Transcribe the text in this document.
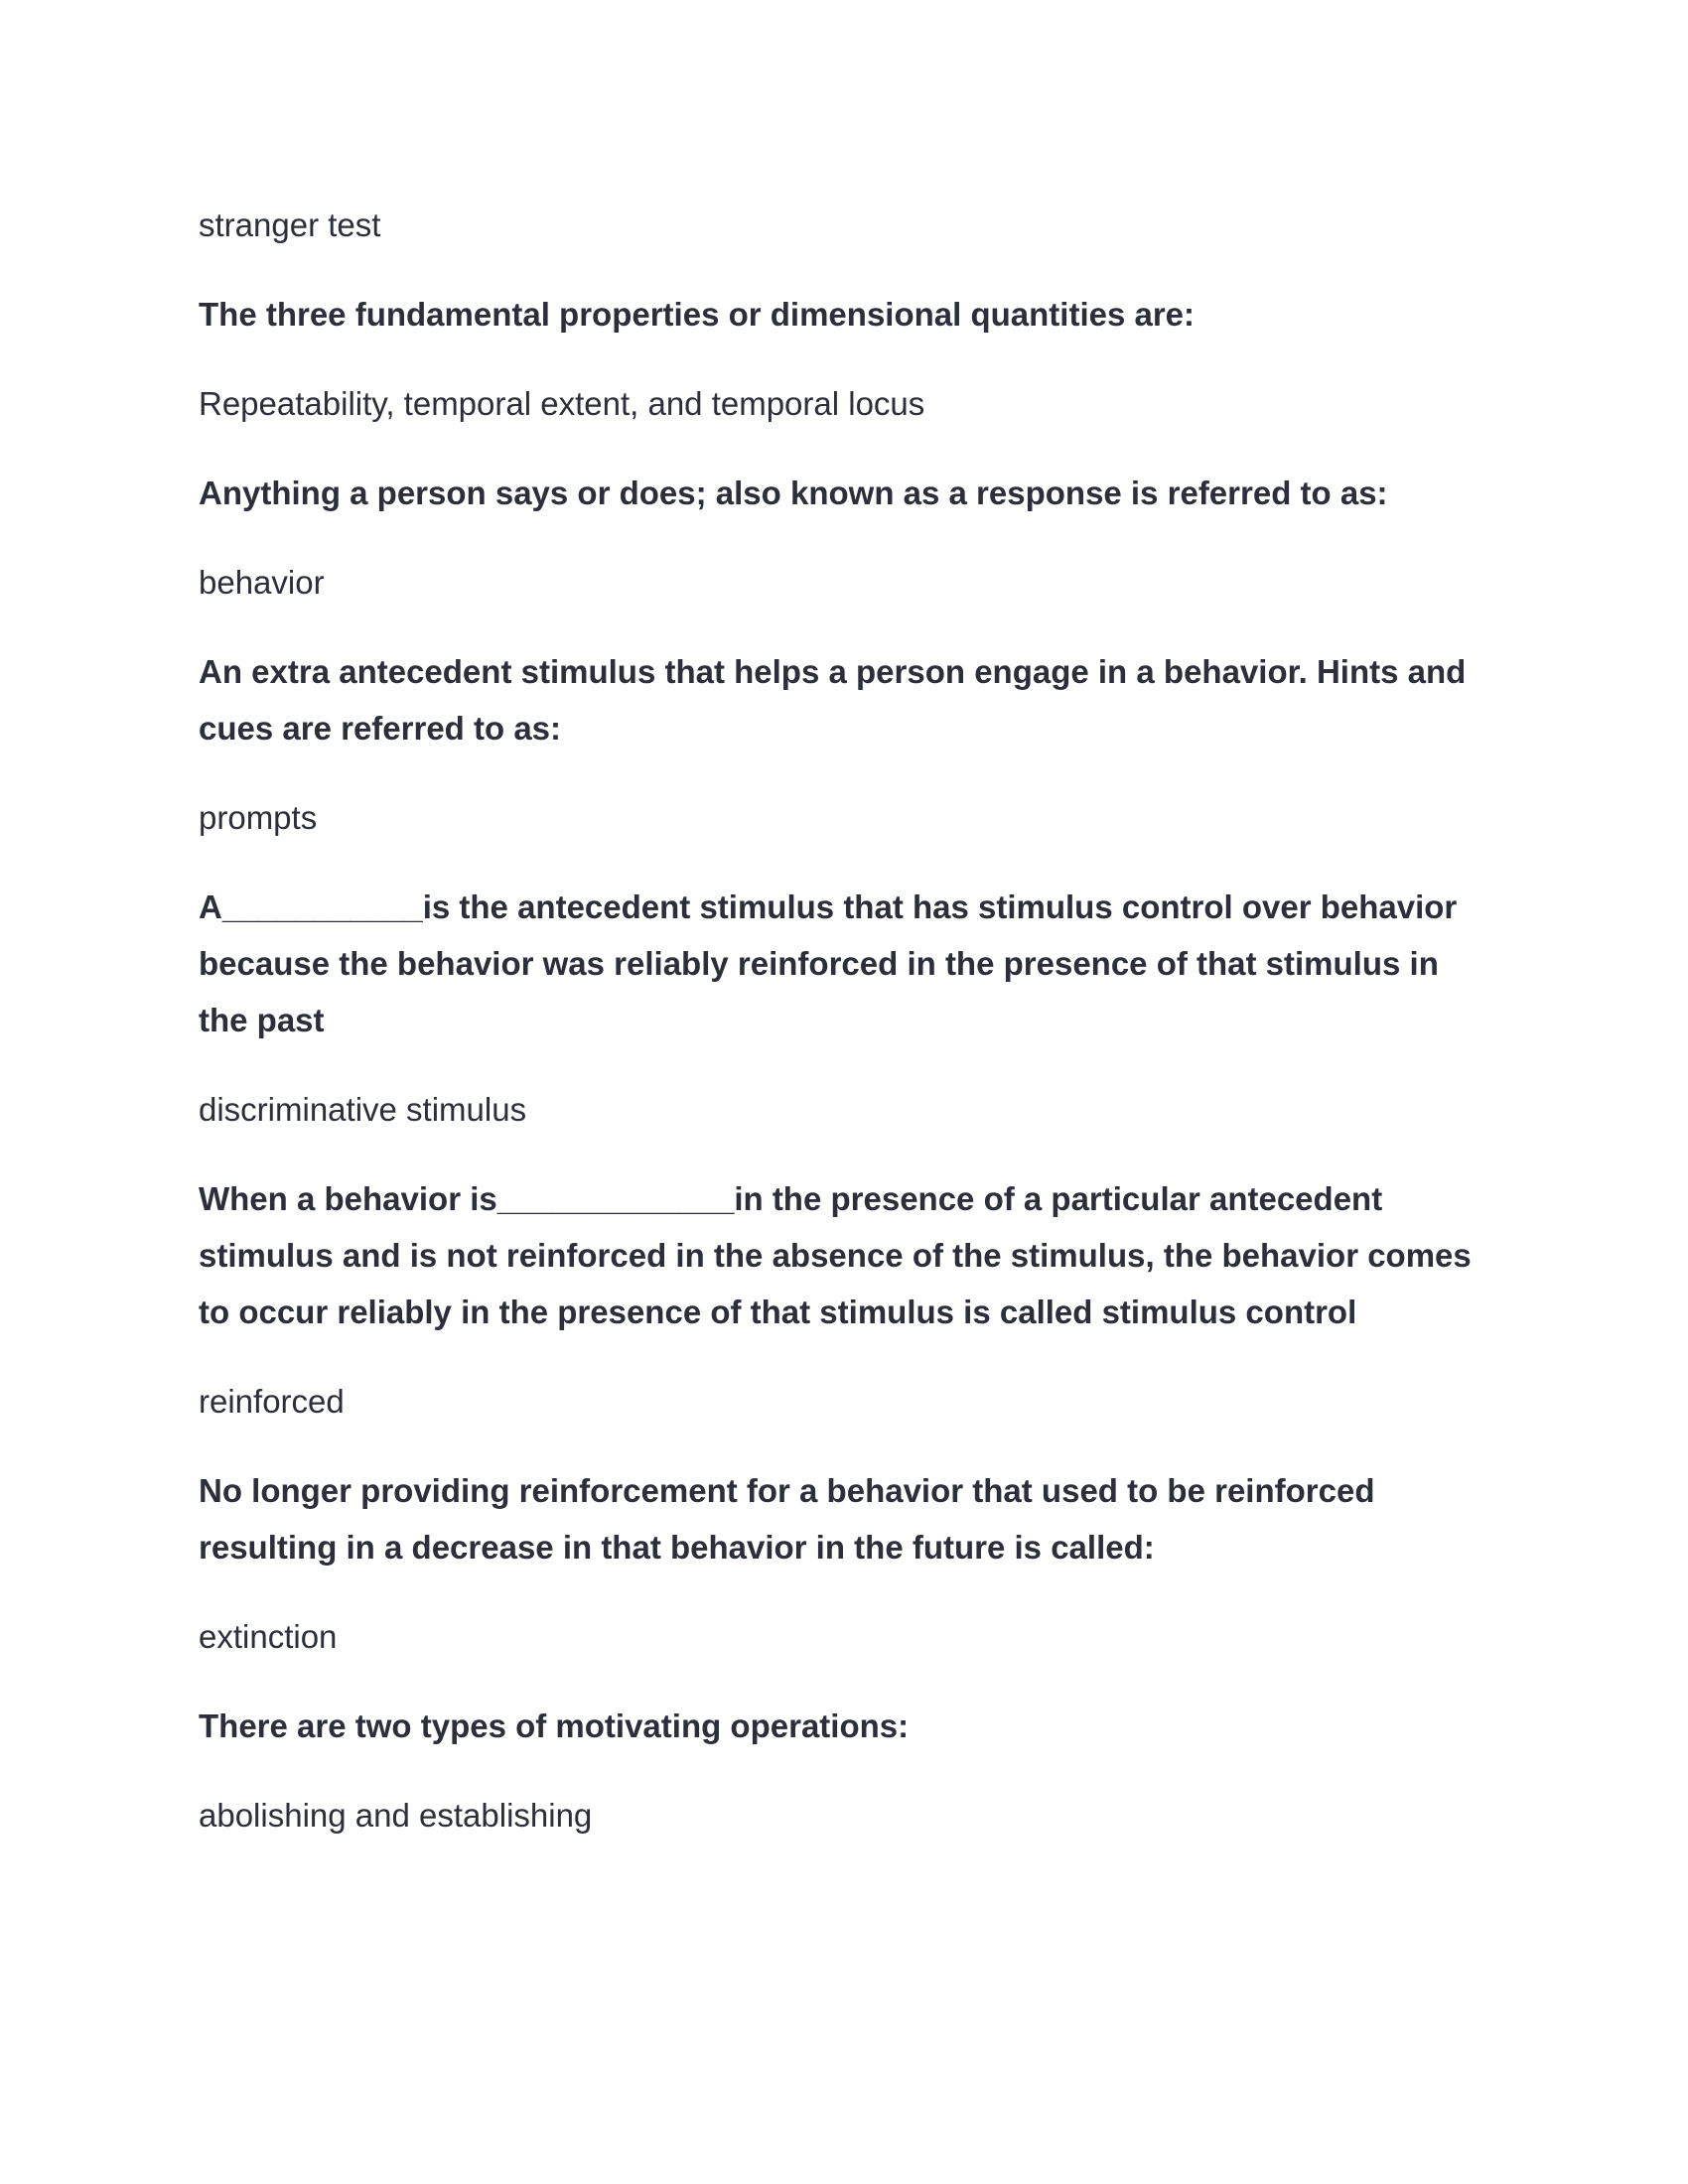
stranger test

The three fundamental properties or dimensional quantities are:

Repeatability, temporal extent, and temporal locus

Anything a person says or does; also known as a response is referred to as:

behavior

An extra antecedent stimulus that helps a person engage in a behavior. Hints and cues are referred to as:

prompts

A___________is the antecedent stimulus that has stimulus control over behavior because the behavior was reliably reinforced in the presence of that stimulus in the past

discriminative stimulus

When a behavior is_____________in the presence of a particular antecedent stimulus and is not reinforced in the absence of the stimulus, the behavior comes to occur reliably in the presence of that stimulus is called stimulus control

reinforced

No longer providing reinforcement for a behavior that used to be reinforced resulting in a decrease in that behavior in the future is called:

extinction

There are two types of motivating operations:

abolishing and establishing
